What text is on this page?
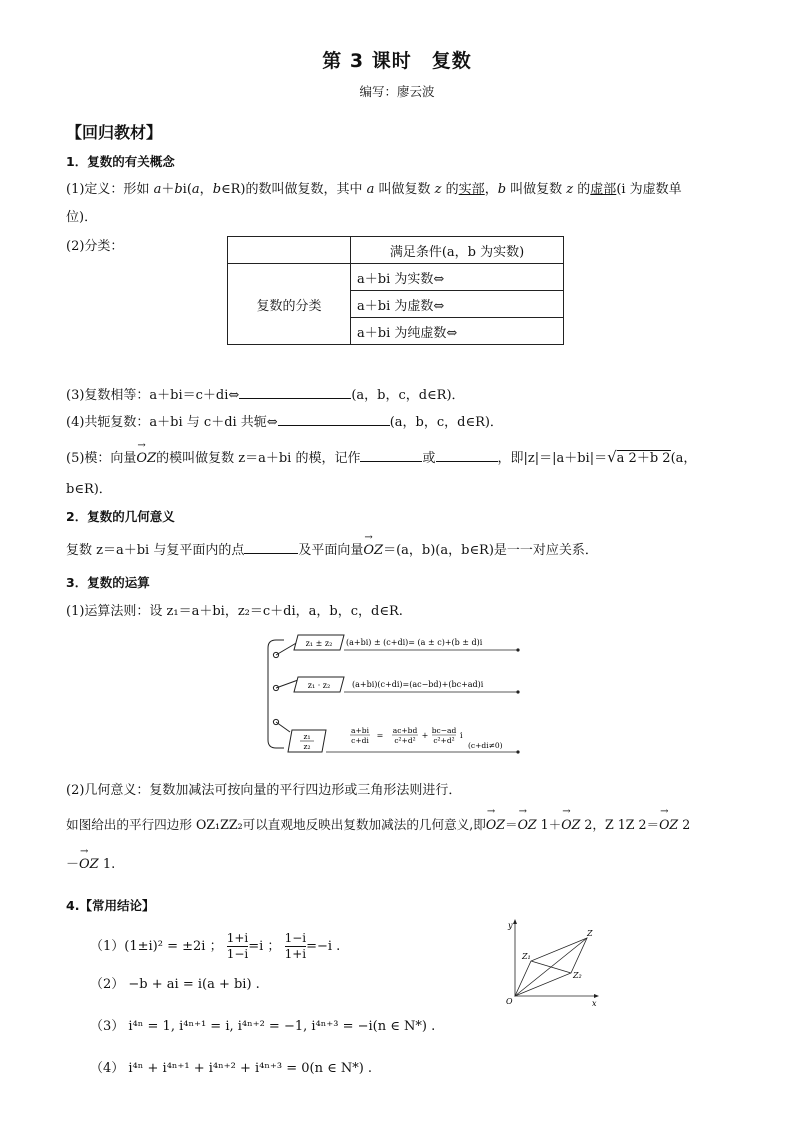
第 3 课时　复数
编写：廖云波
【回归教材】
1．复数的有关概念
(1)定义：形如 a＋bi(a，b∈R)的数叫做复数，其中 a 叫做复数 z 的实部，b 叫做复数 z 的虚部(i 为虚数单
位)．
(2)分类：
		满足条件(a，b 为实数)
复数的分类	a＋bi 为实数⇔
	a＋bi 为虚数⇔
	a＋bi 为纯虚数⇔
(3)复数相等：a＋bi＝c＋di⇔	(a，b，c，d∈R)．
(4)共轭复数：a＋bi 与 c＋di 共轭⇔	(a，b，c，d∈R)．
(5)模：向量→ OZ的模叫做复数 z＝a＋bi 的模，记作	或	，即|z|＝|a＋bi|＝√a 2＋b 2(a，
b∈R)．
2．复数的几何意义
复数 z＝a＋bi 与复平面内的点	及平面向量→ OZ＝(a，b)(a，b∈R)是一一对应关系．
3．复数的运算
(1)运算法则：设 z₁＝a＋bi，z₂＝c＋di，a，b，c，d∈R.
z₁ ± z₂
z₁ · z₂
z₁
z₂
(a+bi) ± (c+di)= (a ± c)+(b ± d)i
(a+bi)(c+di)=(ac−bd)+(bc+ad)i
a+bi
c+di
=
ac+bd
c²+d²
+
bc−ad
c²+d²
i
(c+di≠0)
(2)几何意义：复数加减法可按向量的平行四边形或三角形法则进行．
如图给出的平行四边形 OZ₁ZZ₂可以直观地反映出复数加减法的几何意义,即→ OZ＝→ OZ 1＋→ OZ 2，Z 1Z 2＝→ OZ 2
－→ OZ 1.
4.【常用结论】
（1）(1±i)² = ±2i ； $\frac{1+i}{1-i} =i$ ； $\frac{1-i}{1+i} =-i$ .
（2） −b + ai = i(a + bi) .
（3） i⁴ⁿ = 1, i⁴ⁿ⁺¹ = i, i⁴ⁿ⁺² = −1, i⁴ⁿ⁺³ = −i(n ∈ N*) .
（4） i⁴ⁿ + i⁴ⁿ⁺¹ + i⁴ⁿ⁺² + i⁴ⁿ⁺³ = 0(n ∈ N*) .
y
x
O
Z
Z₁
Z₂
